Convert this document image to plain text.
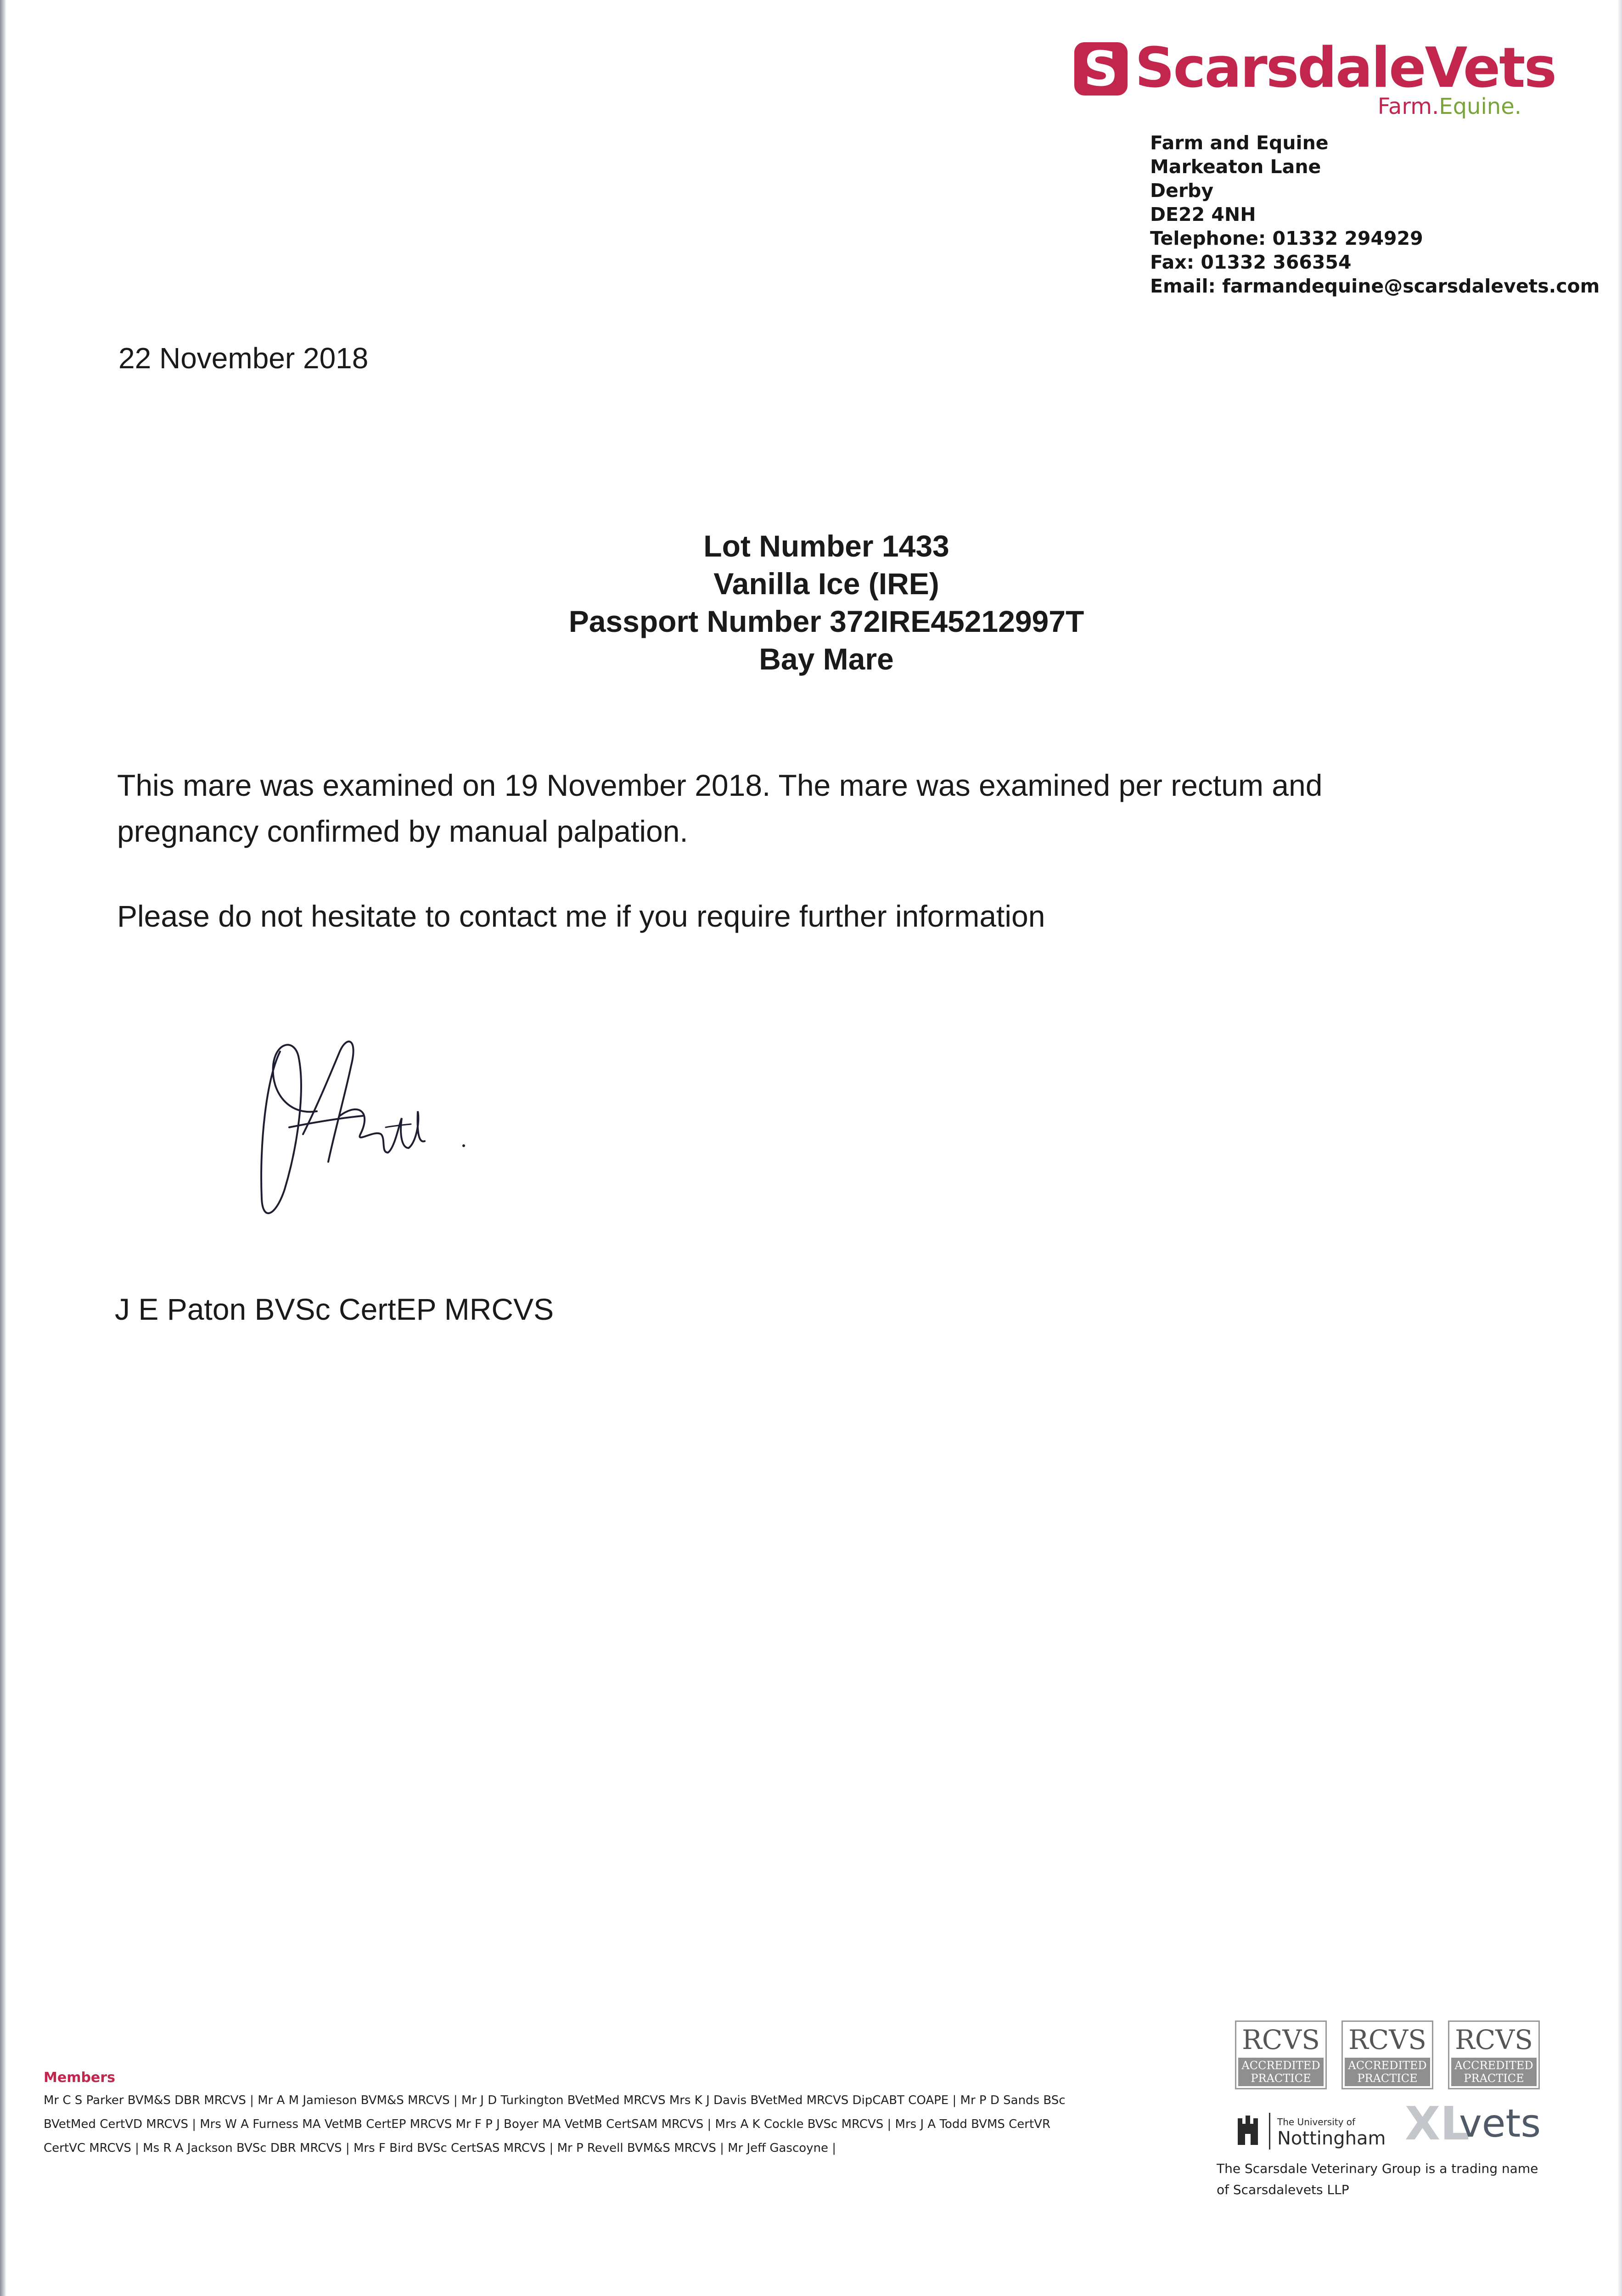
S ScarsdaleVets
Farm.Equine.
Farm and Equine
Markeaton Lane
Derby
DE22 4NH
Telephone: 01332 294929
Fax: 01332 366354
Email: farmandequine@scarsdalevets.com
22 November 2018
Lot Number 1433
Vanilla Ice (IRE)
Passport Number 372IRE45212997T
Bay Mare
This mare was examined on 19 November 2018. The mare was examined per rectum and pregnancy confirmed by manual palpation.
Please do not hesitate to contact me if you require further information
J E Paton BVSc CertEP MRCVS
Members
Mr C S Parker BVM&S DBR MRCVS | Mr A M Jamieson BVM&S MRCVS | Mr J D Turkington BVetMed MRCVS Mrs K J Davis BVetMed MRCVS DipCABT COAPE | Mr P D Sands BSc
BVetMed CertVD MRCVS | Mrs W A Furness MA VetMB CertEP MRCVS Mr F P J Boyer MA VetMB CertSAM MRCVS | Mrs A K Cockle BVSc MRCVS | Mrs J A Todd BVMS CertVR
CertVC MRCVS | Ms R A Jackson BVSc DBR MRCVS | Mrs F Bird BVSc CertSAS MRCVS | Mr P Revell BVM&S MRCVS | Mr Jeff Gascoyne |
RCVS
ACCREDITED PRACTICE
RCVS
ACCREDITED PRACTICE
RCVS
ACCREDITED PRACTICE
The University of
Nottingham XL
vets
The Scarsdale Veterinary Group is a trading name
of Scarsdalevets LLP
